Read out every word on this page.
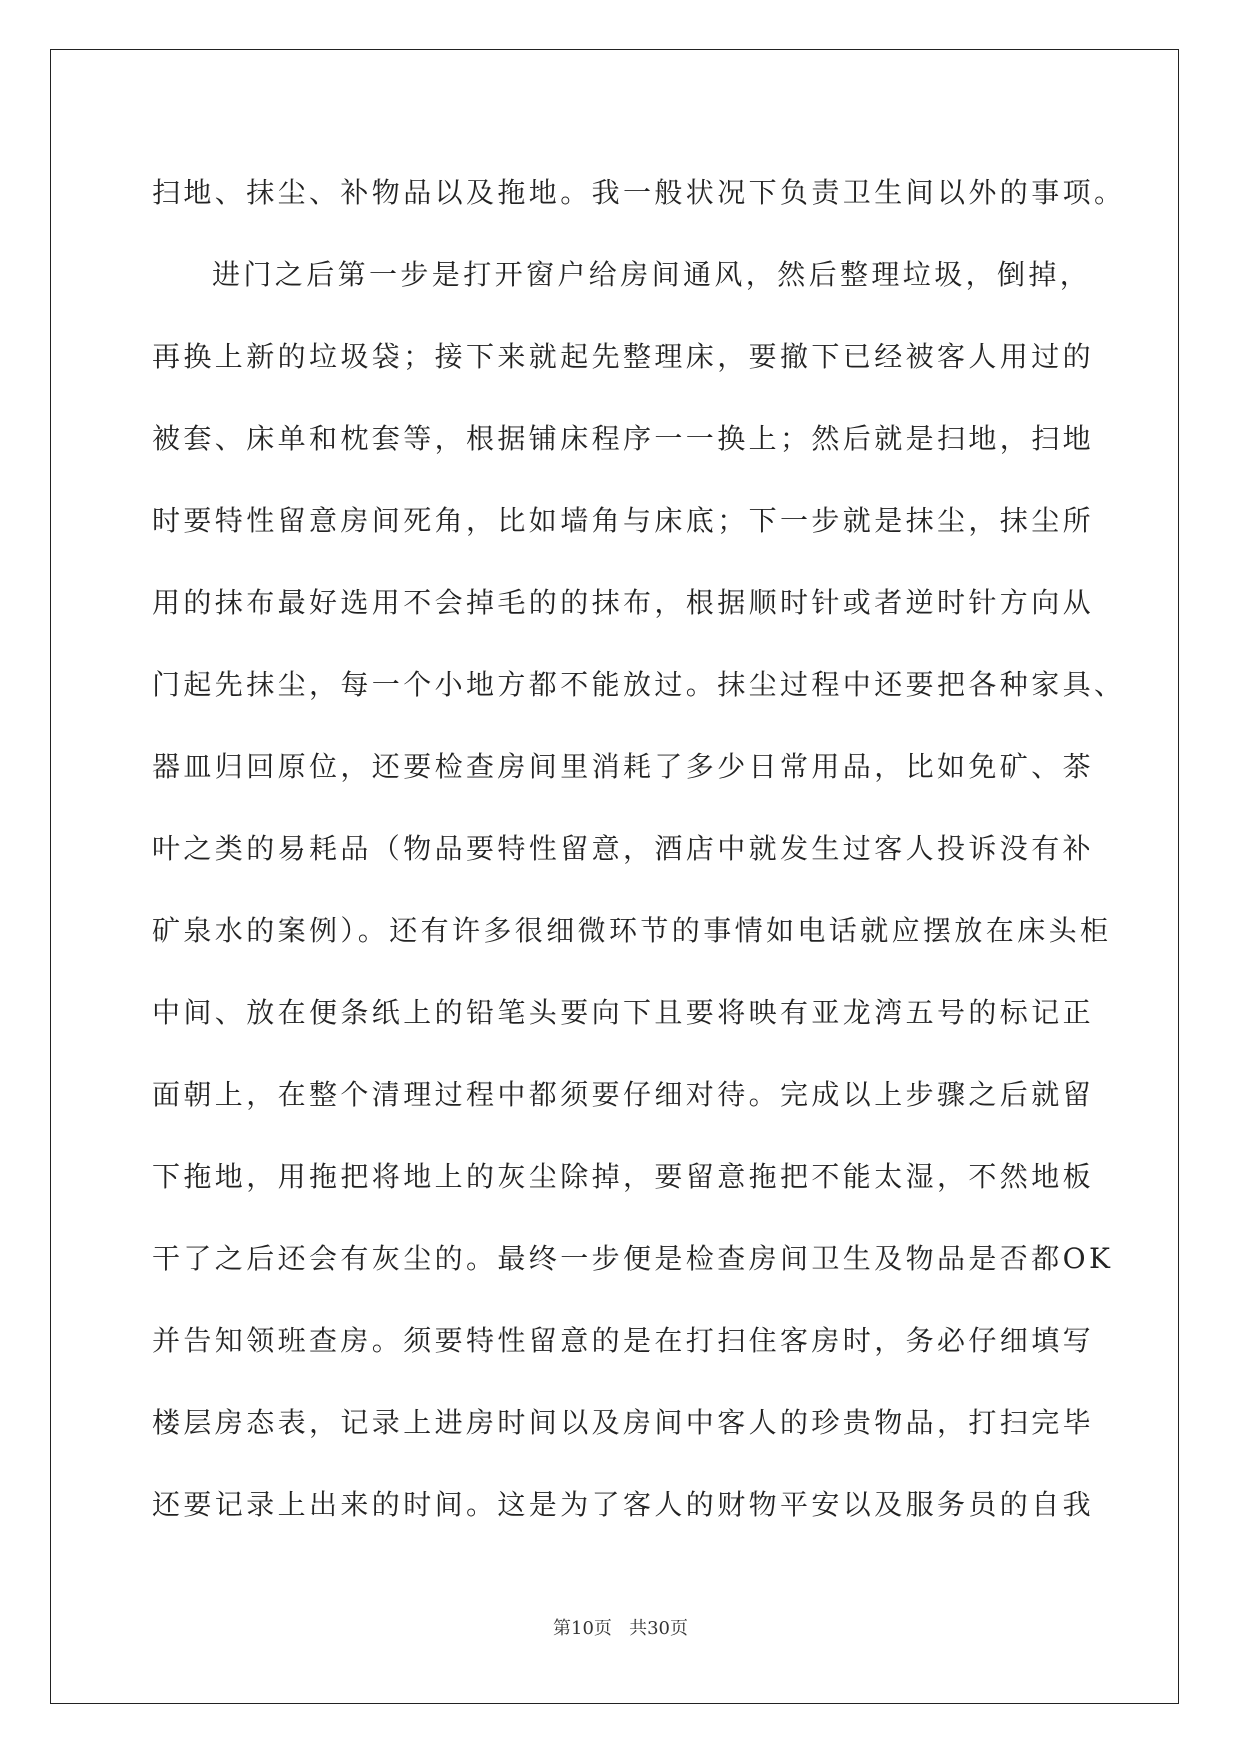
扫地、抹尘、补物品以及拖地。我一般状况下负责卫生间以外的事项。
进门之后第一步是打开窗户给房间通风，然后整理垃圾，倒掉，
再换上新的垃圾袋；接下来就起先整理床，要撤下已经被客人用过的
被套、床单和枕套等，根据铺床程序一一换上；然后就是扫地，扫地
时要特性留意房间死角，比如墙角与床底；下一步就是抹尘，抹尘所
用的抹布最好选用不会掉毛的的抹布，根据顺时针或者逆时针方向从
门起先抹尘，每一个小地方都不能放过。抹尘过程中还要把各种家具、
器皿归回原位，还要检查房间里消耗了多少日常用品，比如免矿、茶
叶之类的易耗品（物品要特性留意，酒店中就发生过客人投诉没有补
矿泉水的案例）。还有许多很细微环节的事情如电话就应摆放在床头柜
中间、放在便条纸上的铅笔头要向下且要将映有亚龙湾五号的标记正
面朝上，在整个清理过程中都须要仔细对待。完成以上步骤之后就留
下拖地，用拖把将地上的灰尘除掉，要留意拖把不能太湿，不然地板
干了之后还会有灰尘的。最终一步便是检查房间卫生及物品是否都OK
并告知领班查房。须要特性留意的是在打扫住客房时，务必仔细填写
楼层房态表，记录上进房时间以及房间中客人的珍贵物品，打扫完毕
还要记录上出来的时间。这是为了客人的财物平安以及服务员的自我
第10页   共30页
